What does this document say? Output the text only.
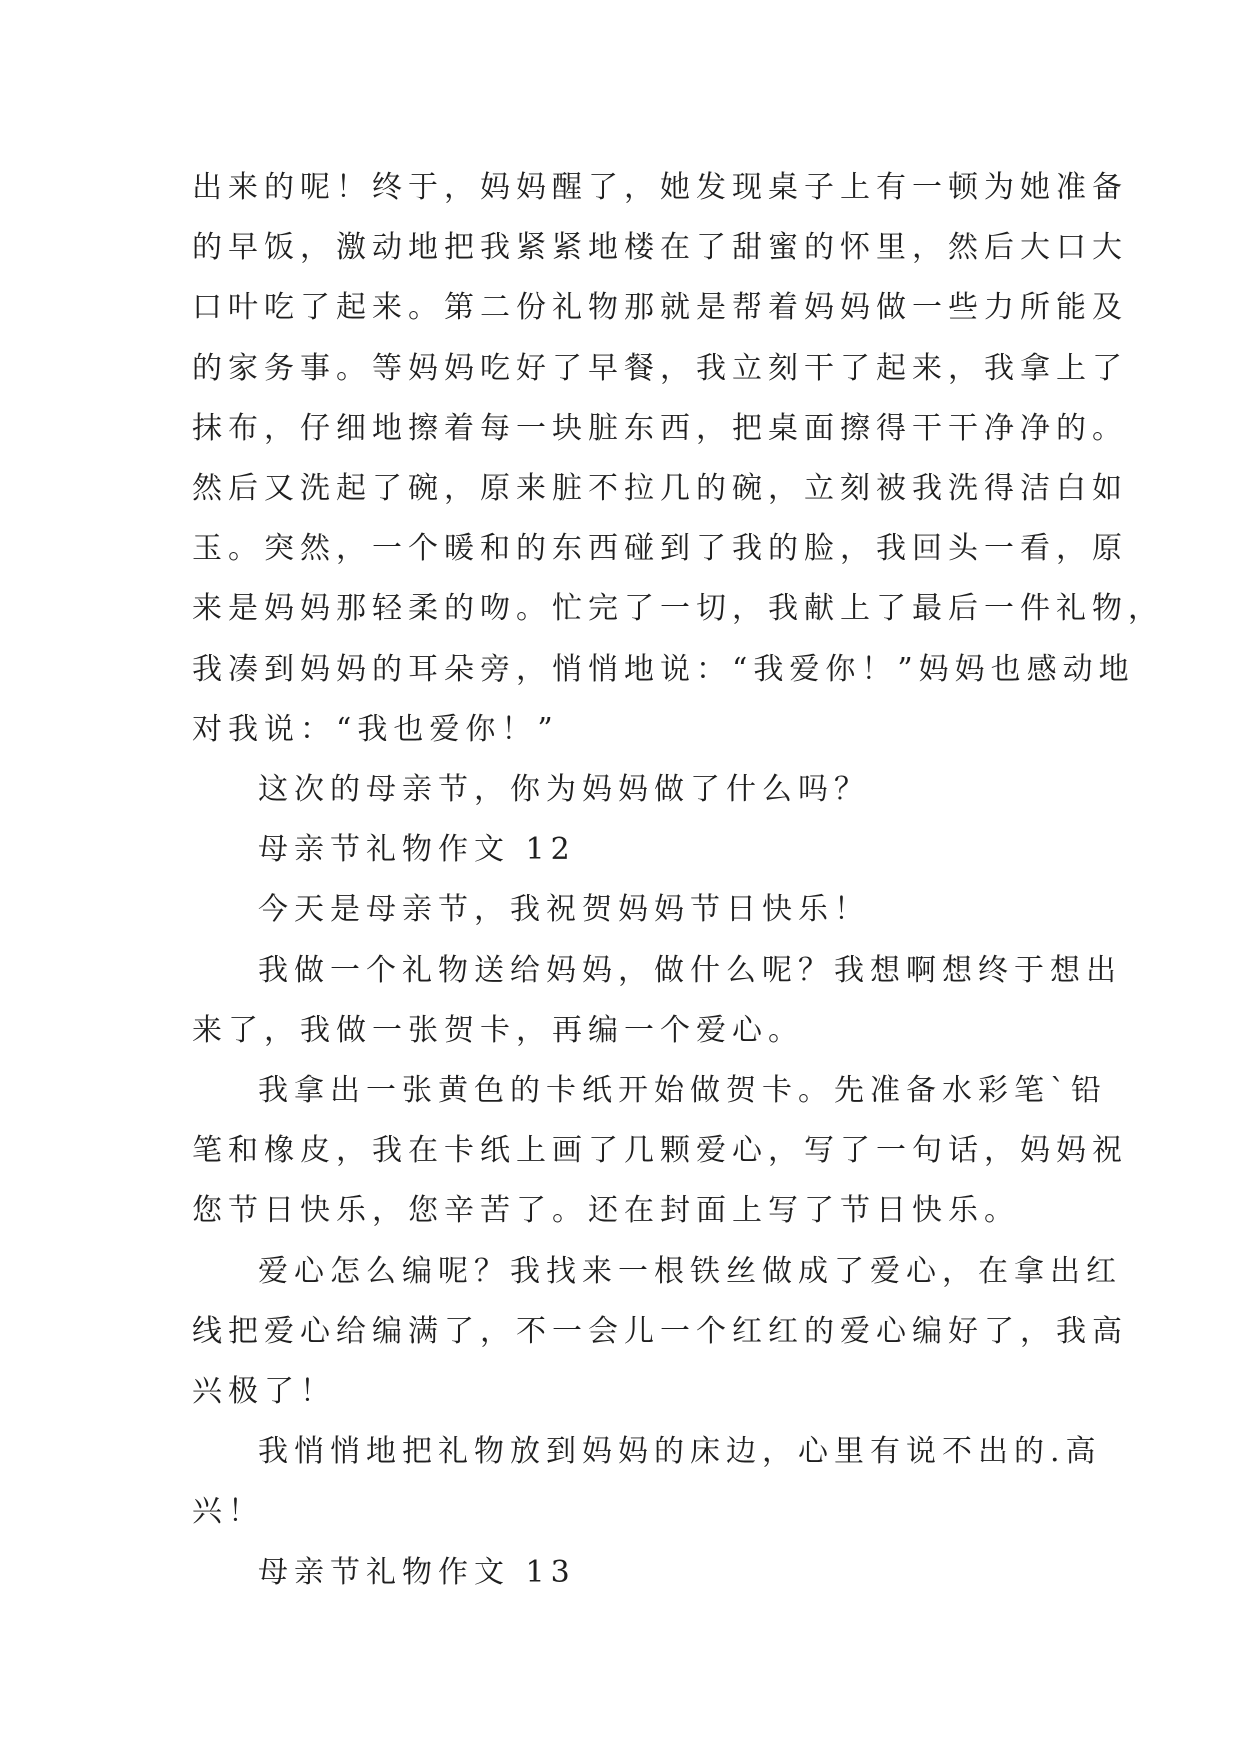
出来的呢！终于，妈妈醒了，她发现桌子上有一顿为她准备
的早饭，激动地把我紧紧地楼在了甜蜜的怀里，然后大口大
口叶吃了起来。第二份礼物那就是帮着妈妈做一些力所能及
的家务事。等妈妈吃好了早餐，我立刻干了起来，我拿上了
抹布，仔细地擦着每一块脏东西，把桌面擦得干干净净的。
然后又洗起了碗，原来脏不拉几的碗，立刻被我洗得洁白如
玉。突然，一个暖和的东西碰到了我的脸，我回头一看，原
来是妈妈那轻柔的吻。忙完了一切，我献上了最后一件礼物，
我凑到妈妈的耳朵旁，悄悄地说：“我爱你！”妈妈也感动地
对我说：“我也爱你！”

这次的母亲节，你为妈妈做了什么吗？

母亲节礼物作文 12

今天是母亲节，我祝贺妈妈节日快乐！

我做一个礼物送给妈妈，做什么呢？我想啊想终于想出
来了，我做一张贺卡，再编一个爱心。

我拿出一张黄色的卡纸开始做贺卡。先准备水彩笔`铅
笔和橡皮，我在卡纸上画了几颗爱心，写了一句话，妈妈祝
您节日快乐，您辛苦了。还在封面上写了节日快乐。

爱心怎么编呢？我找来一根铁丝做成了爱心，在拿出红
线把爱心给编满了，不一会儿一个红红的爱心编好了，我高
兴极了！

我悄悄地把礼物放到妈妈的床边，心里有说不出的.高
兴！

母亲节礼物作文 13
